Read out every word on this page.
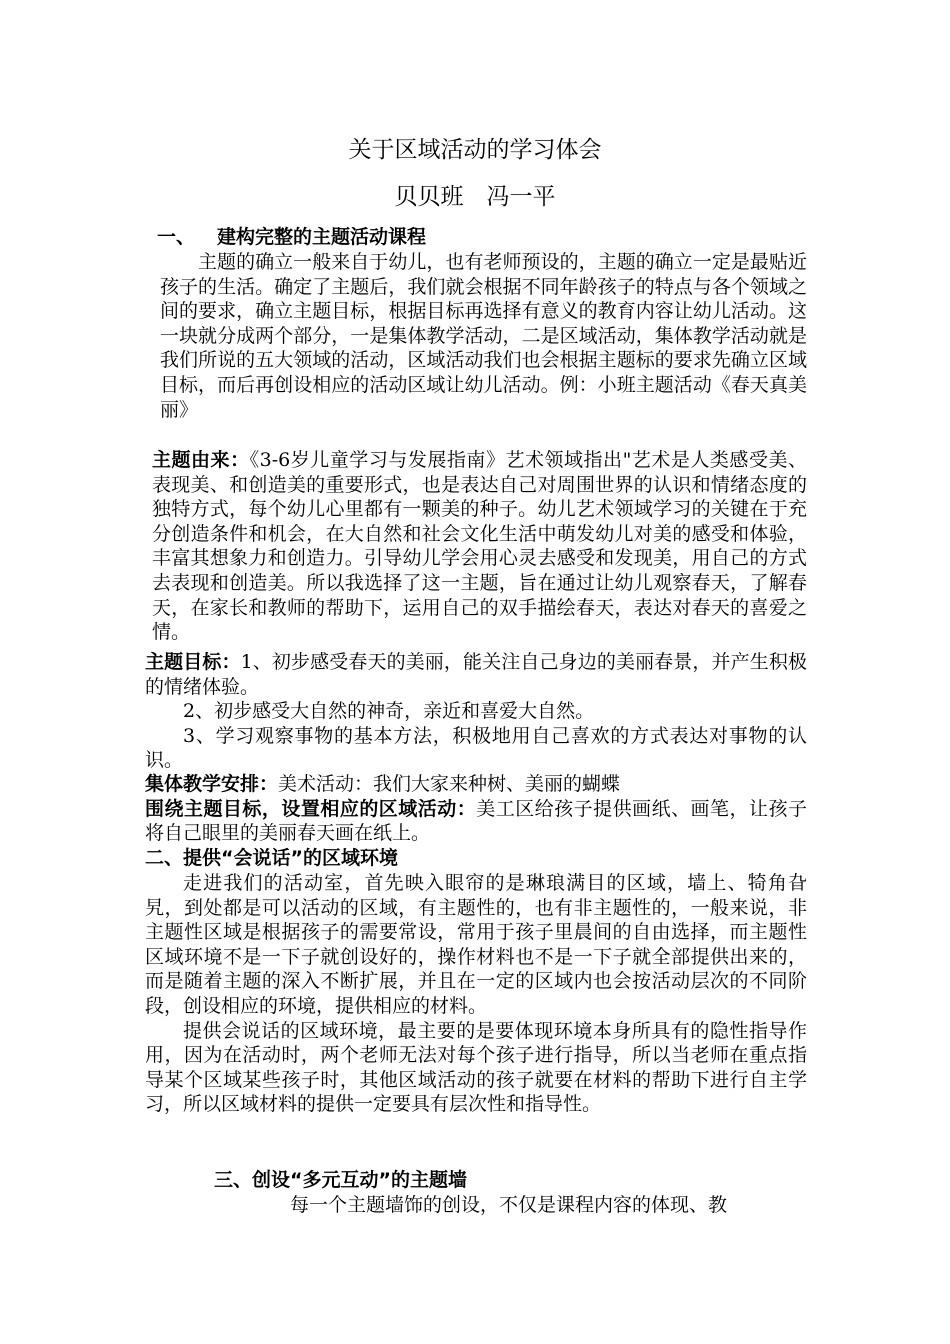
关于区域活动的学习体会
贝贝班　冯一平
一、 建构完整的主题活动课程

主题的确立一般来自于幼儿，也有老师预设的，主题的确立一定是最贴近孩子的生活。确定了主题后，我们就会根据不同年龄孩子的特点与各个领域之间的要求，确立主题目标，根据目标再选择有意义的教育内容让幼儿活动。这一块就分成两个部分，一是集体教学活动，二是区域活动，集体教学活动就是我们所说的五大领域的活动，区域活动我们也会根据主题标的要求先确立区域目标，而后再创设相应的活动区域让幼儿活动。例：小班主题活动《春天真美丽》

主题由来：《3-6岁儿童学习与发展指南》艺术领域指出"艺术是人类感受美、表现美、和创造美的重要形式，也是表达自己对周围世界的认识和情绪态度的独特方式，每个幼儿心里都有一颗美的种子。幼儿艺术领域学习的关键在于充分创造条件和机会，在大自然和社会文化生活中萌发幼儿对美的感受和体验，丰富其想象力和创造力。引导幼儿学会用心灵去感受和发现美，用自己的方式去表现和创造美。所以我选择了这一主题，旨在通过让幼儿观察春天，了解春天，在家长和教师的帮助下，运用自己的双手描绘春天，表达对春天的喜爱之情。

主题目标：1、初步感受春天的美丽，能关注自己身边的美丽春景，并产生积极的情绪体验。

2、初步感受大自然的神奇，亲近和喜爱大自然。

3、学习观察事物的基本方法，积极地用自己喜欢的方式表达对事物的认识。

集体教学安排：美术活动：我们大家来种树、美丽的蝴蝶

围绕主题目标，设置相应的区域活动：美工区给孩子提供画纸、画笔，让孩子将自己眼里的美丽春天画在纸上。

二、提供“会说话”的区域环境

走进我们的活动室，首先映入眼帘的是琳琅满目的区域，墙上、犄角旮旯，到处都是可以活动的区域，有主题性的，也有非主题性的，一般来说，非主题性区域是根据孩子的需要常设，常用于孩子里晨间的自由选择，而主题性区域环境不是一下子就创设好的，操作材料也不是一下子就全部提供出来的，而是随着主题的深入不断扩展，并且在一定的区域内也会按活动层次的不同阶段，创设相应的环境，提供相应的材料。

提供会说话的区域环境，最主要的是要体现环境本身所具有的隐性指导作用，因为在活动时，两个老师无法对每个孩子进行指导，所以当老师在重点指导某个区域某些孩子时，其他区域活动的孩子就要在材料的帮助下进行自主学习，所以区域材料的提供一定要具有层次性和指导性。

三、创设“多元互动”的主题墙

每一个主题墙饰的创设，不仅是课程内容的体现、教
